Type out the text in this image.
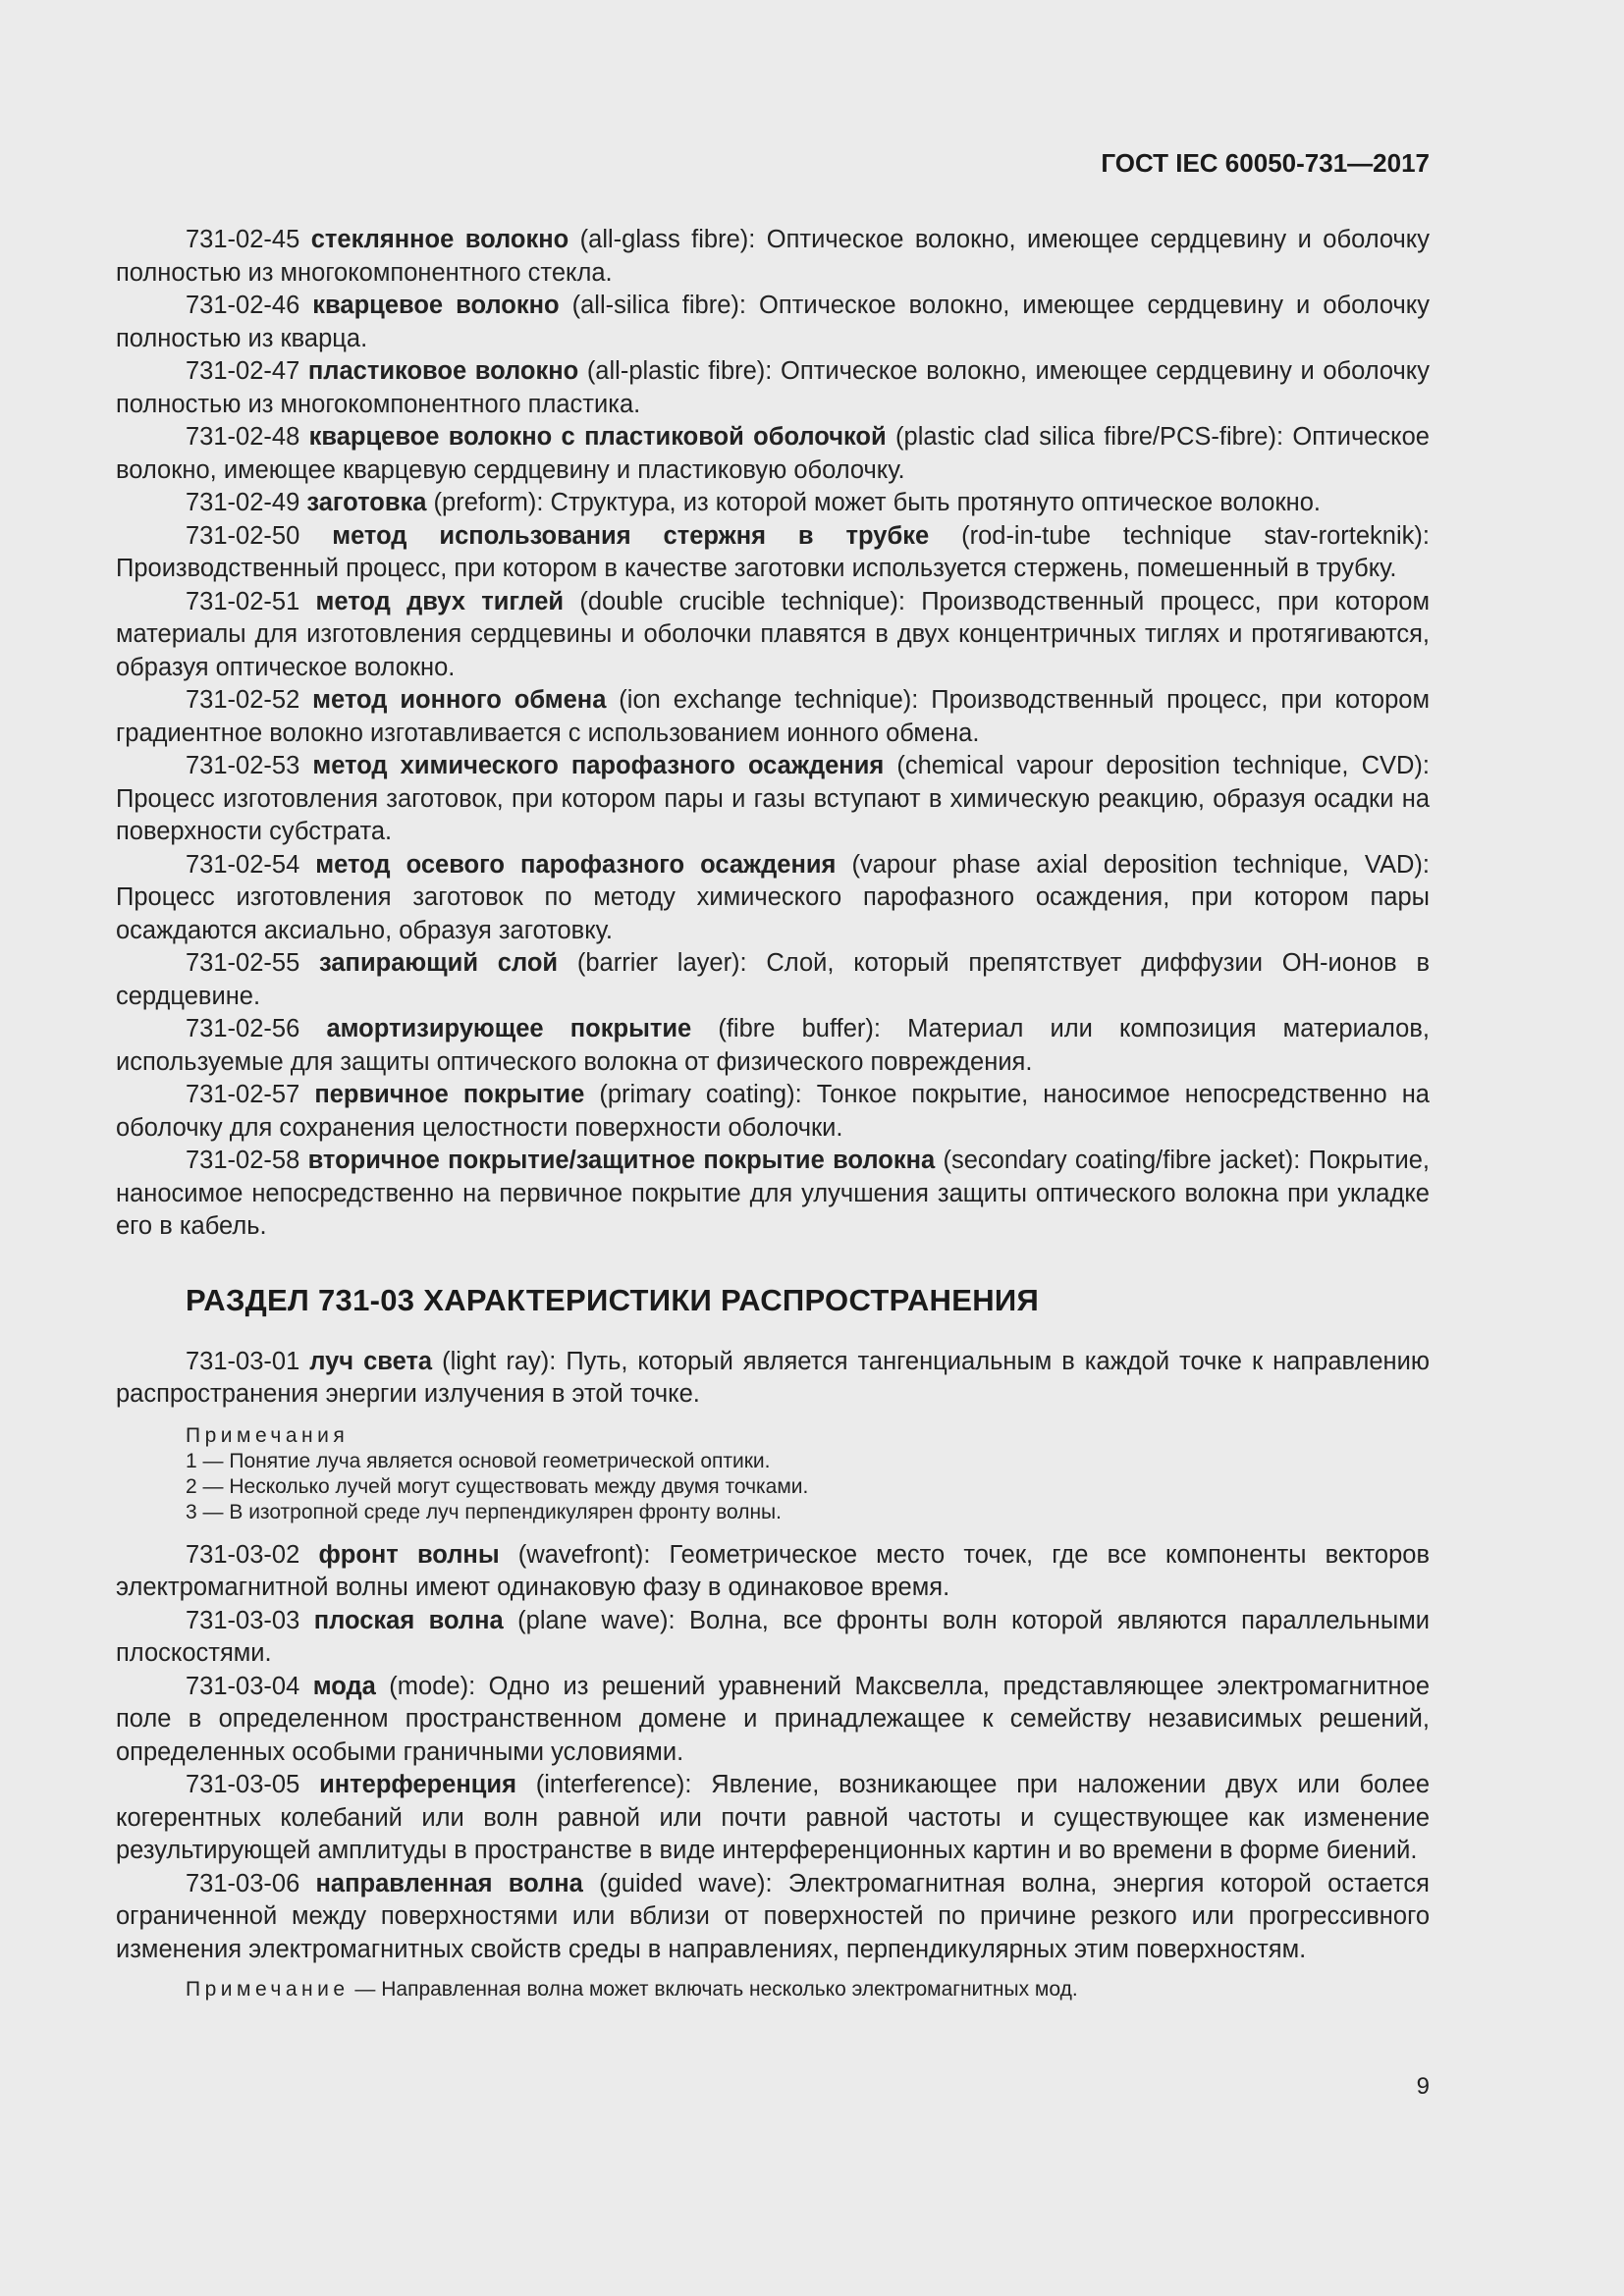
ГОСТ IEC 60050-731—2017

731-02-45 стеклянное волокно (all-glass fibre): Оптическое волокно, имеющее сердцевину и оболочку полностью из многокомпонентного стекла.

731-02-46 кварцевое волокно (all-silica fibre): Оптическое волокно, имеющее сердцевину и оболочку полностью из кварца.

731-02-47 пластиковое волокно (all-plastic fibre): Оптическое волокно, имеющее сердцевину и оболочку полностью из многокомпонентного пластика.

731-02-48 кварцевое волокно с пластиковой оболочкой (plastic clad silica fibre/PCS-fibre): Оптическое волокно, имеющее кварцевую сердцевину и пластиковую оболочку.

731-02-49 заготовка (preform): Структура, из которой может быть протянуто оптическое волокно.

731-02-50 метод использования стержня в трубке (rod-in-tube technique stav-rorteknik): Производственный процесс, при котором в качестве заготовки используется стержень, помешенный в трубку.

731-02-51 метод двух тиглей (double crucible technique): Производственный процесс, при котором материалы для изготовления сердцевины и оболочки плавятся в двух концентричных тиглях и протягиваются, образуя оптическое волокно.

731-02-52 метод ионного обмена (ion exchange technique): Производственный процесс, при котором градиентное волокно изготавливается с использованием ионного обмена.

731-02-53 метод химического парофазного осаждения (chemical vapour deposition technique, CVD): Процесс изготовления заготовок, при котором пары и газы вступают в химическую реакцию, образуя осадки на поверхности субстрата.

731-02-54 метод осевого парофазного осаждения (vapour phase axial deposition technique, VAD): Процесс изготовления заготовок по методу химического парофазного осаждения, при котором пары осаждаются аксиально, образуя заготовку.

731-02-55 запирающий слой (barrier layer): Слой, который препятствует диффузии ОН-ионов в сердцевине.

731-02-56 амортизирующее покрытие (fibre buffer): Материал или композиция материалов, используемые для защиты оптического волокна от физического повреждения.

731-02-57 первичное покрытие (primary coating): Тонкое покрытие, наносимое непосредственно на оболочку для сохранения целостности поверхности оболочки.

731-02-58 вторичное покрытие/защитное покрытие волокна (secondary coating/fibre jacket): Покрытие, наносимое непосредственно на первичное покрытие для улучшения защиты оптического волокна при укладке его в кабель.

РАЗДЕЛ 731-03 ХАРАКТЕРИСТИКИ РАСПРОСТРАНЕНИЯ

731-03-01 луч света (light ray): Путь, который является тангенциальным в каждой точке к направлению распространения энергии излучения в этой точке.

Примечания
1 — Понятие луча является основой геометрической оптики.
2 — Несколько лучей могут существовать между двумя точками.
3 — В изотропной среде луч перпендикулярен фронту волны.

731-03-02 фронт волны (wavefront): Геометрическое место точек, где все компоненты векторов электромагнитной волны имеют одинаковую фазу в одинаковое время.

731-03-03 плоская волна (plane wave): Волна, все фронты волн которой являются параллельными плоскостями.

731-03-04 мода (mode): Одно из решений уравнений Максвелла, представляющее электромагнитное поле в определенном пространственном домене и принадлежащее к семейству независимых решений, определенных особыми граничными условиями.

731-03-05 интерференция (interference): Явление, возникающее при наложении двух или более когерентных колебаний или волн равной или почти равной частоты и существующее как изменение результирующей амплитуды в пространстве в виде интерференционных картин и во времени в форме биений.

731-03-06 направленная волна (guided wave): Электромагнитная волна, энергия которой остается ограниченной между поверхностями или вблизи от поверхностей по причине резкого или прогрессивного изменения электромагнитных свойств среды в направлениях, перпендикулярных этим поверхностям.

Примечание — Направленная волна может включать несколько электромагнитных мод.

9
